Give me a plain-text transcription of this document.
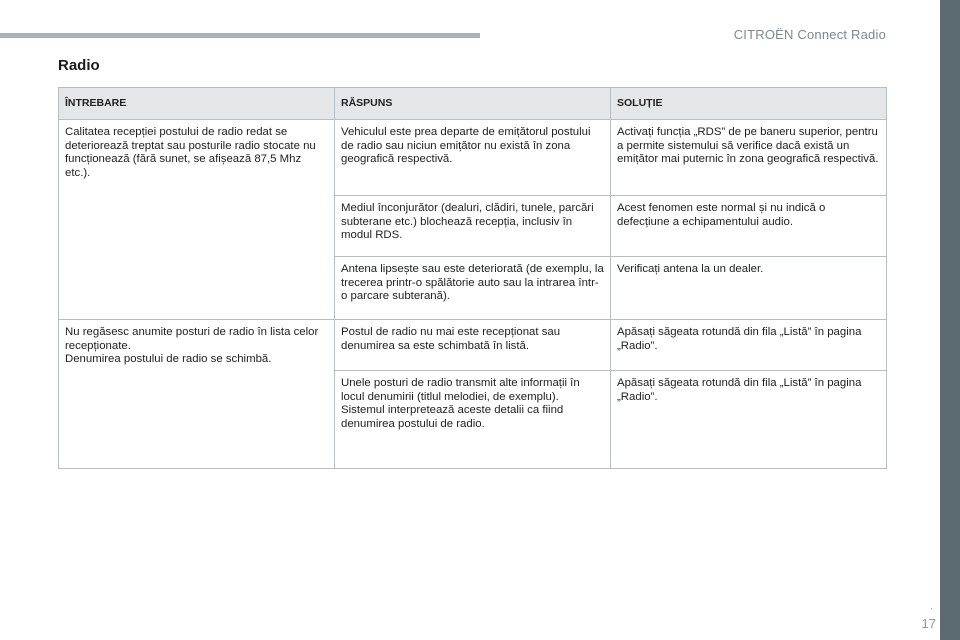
CITROËN Connect Radio
.
17
Radio
ÎNTREBARE	RĂSPUNS	SOLUȚIE
Calitatea recepției postului de radio redat se deteriorează treptat sau posturile radio stocate nu funcționează (fără sunet, se afișează 87,5 Mhz etc.).	Vehiculul este prea departe de emițătorul postului de radio sau niciun emițător nu există în zona geografică respectivă.	Activați funcția „RDS” de pe baneru superior, pentru a permite sistemului să verifice dacă există un emițător mai puternic în zona geografică respectivă.
	Mediul înconjurător (dealuri, clădiri, tunele, parcări subterane etc.) blochează recepția, inclusiv în modul RDS.	Acest fenomen este normal și nu indică o defecțiune a echipamentului audio.
	Antena lipsește sau este deteriorată (de exemplu, la trecerea printr-o spălătorie auto sau la intrarea într-o parcare subterană).	Verificați antena la un dealer.
Nu regăsesc anumite posturi de radio în lista celor recepționate.
Denumirea postului de radio se schimbă.	Postul de radio nu mai este recepționat sau denumirea sa este schimbată în listă.	Apăsați săgeata rotundă din fila „Listă” în pagina „Radio”.
	Unele posturi de radio transmit alte informații în locul denumirii (titlul melodiei, de exemplu). Sistemul interpretează aceste detalii ca fiind denumirea postului de radio.	Apăsați săgeata rotundă din fila „Listă” în pagina „Radio”.
